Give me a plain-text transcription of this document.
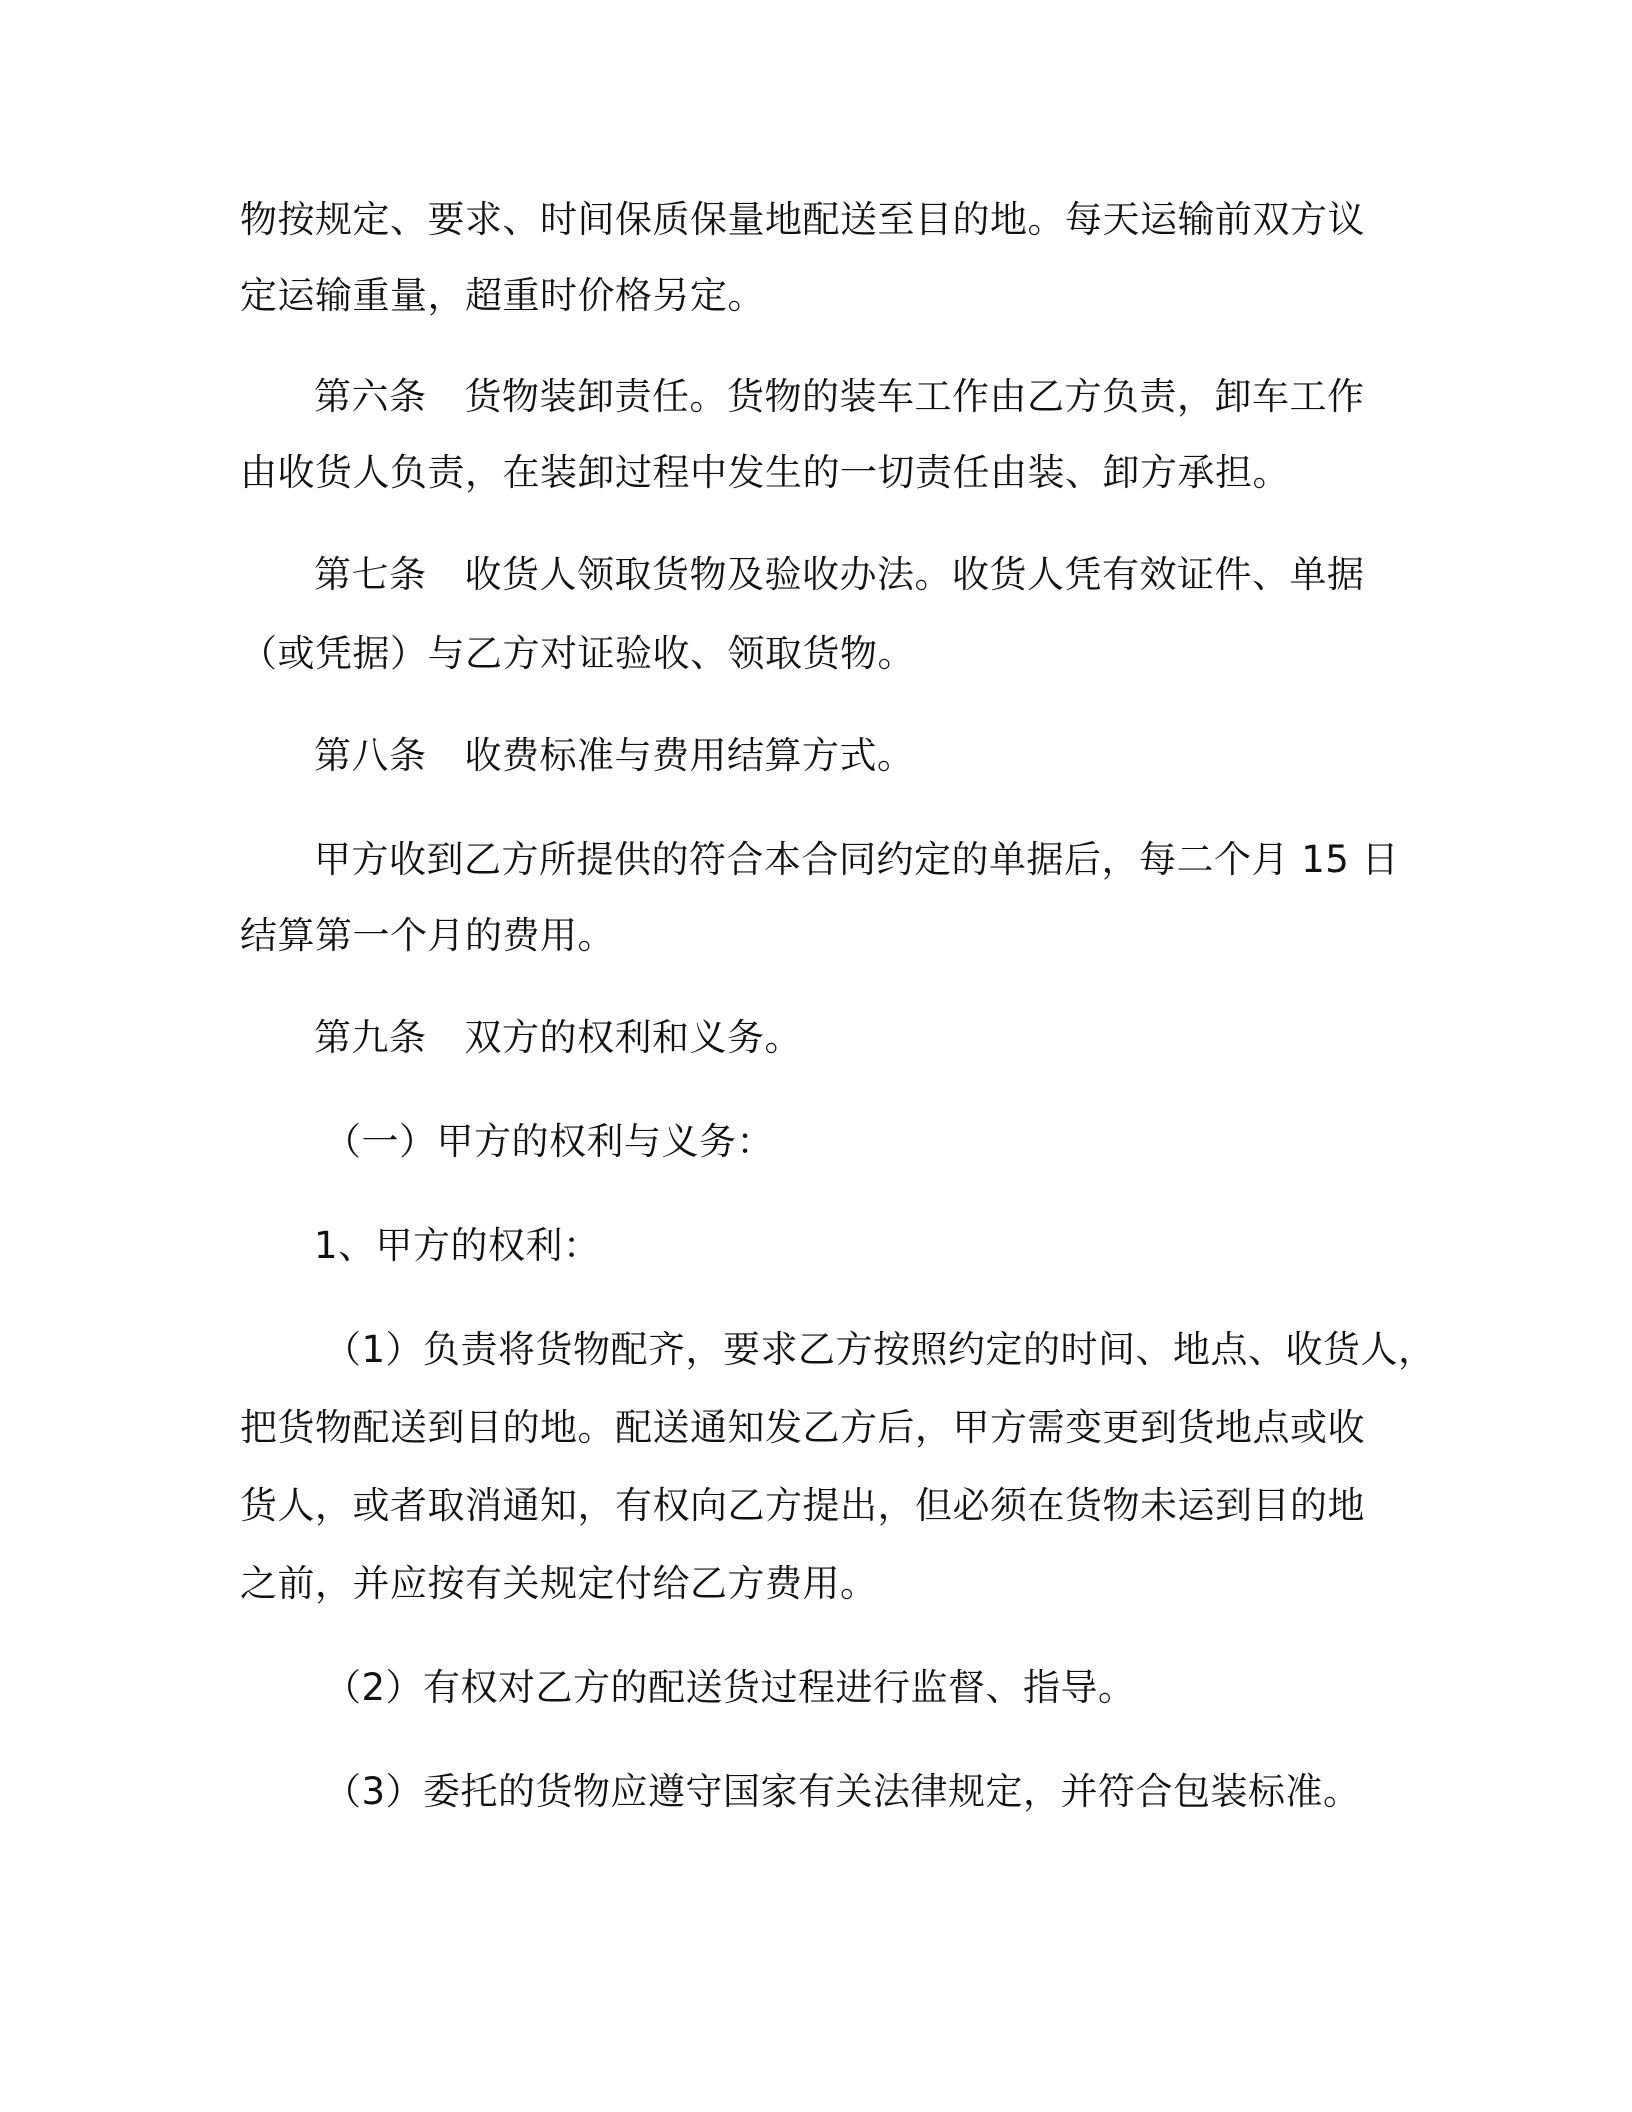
物按规定、要求、时间保质保量地配送至目的地。每天运输前双方议

定运输重量，超重时价格另定。

第六条 货物装卸责任。货物的装车工作由乙方负责，卸车工作

由收货人负责，在装卸过程中发生的一切责任由装、卸方承担。

第七条 收货人领取货物及验收办法。收货人凭有效证件、单据

（或凭据）与乙方对证验收、领取货物。

第八条 收费标准与费用结算方式。

甲方收到乙方所提供的符合本合同约定的单据后，每二个月 15 日

结算第一个月的费用。

第九条 双方的权利和义务。

（一）甲方的权利与义务：

1、甲方的权利：

（1）负责将货物配齐，要求乙方按照约定的时间、地点、收货人，

把货物配送到目的地。配送通知发乙方后，甲方需变更到货地点或收

货人，或者取消通知，有权向乙方提出，但必须在货物未运到目的地

之前，并应按有关规定付给乙方费用。

（2）有权对乙方的配送货过程进行监督、指导。

（3）委托的货物应遵守国家有关法律规定，并符合包装标准。
